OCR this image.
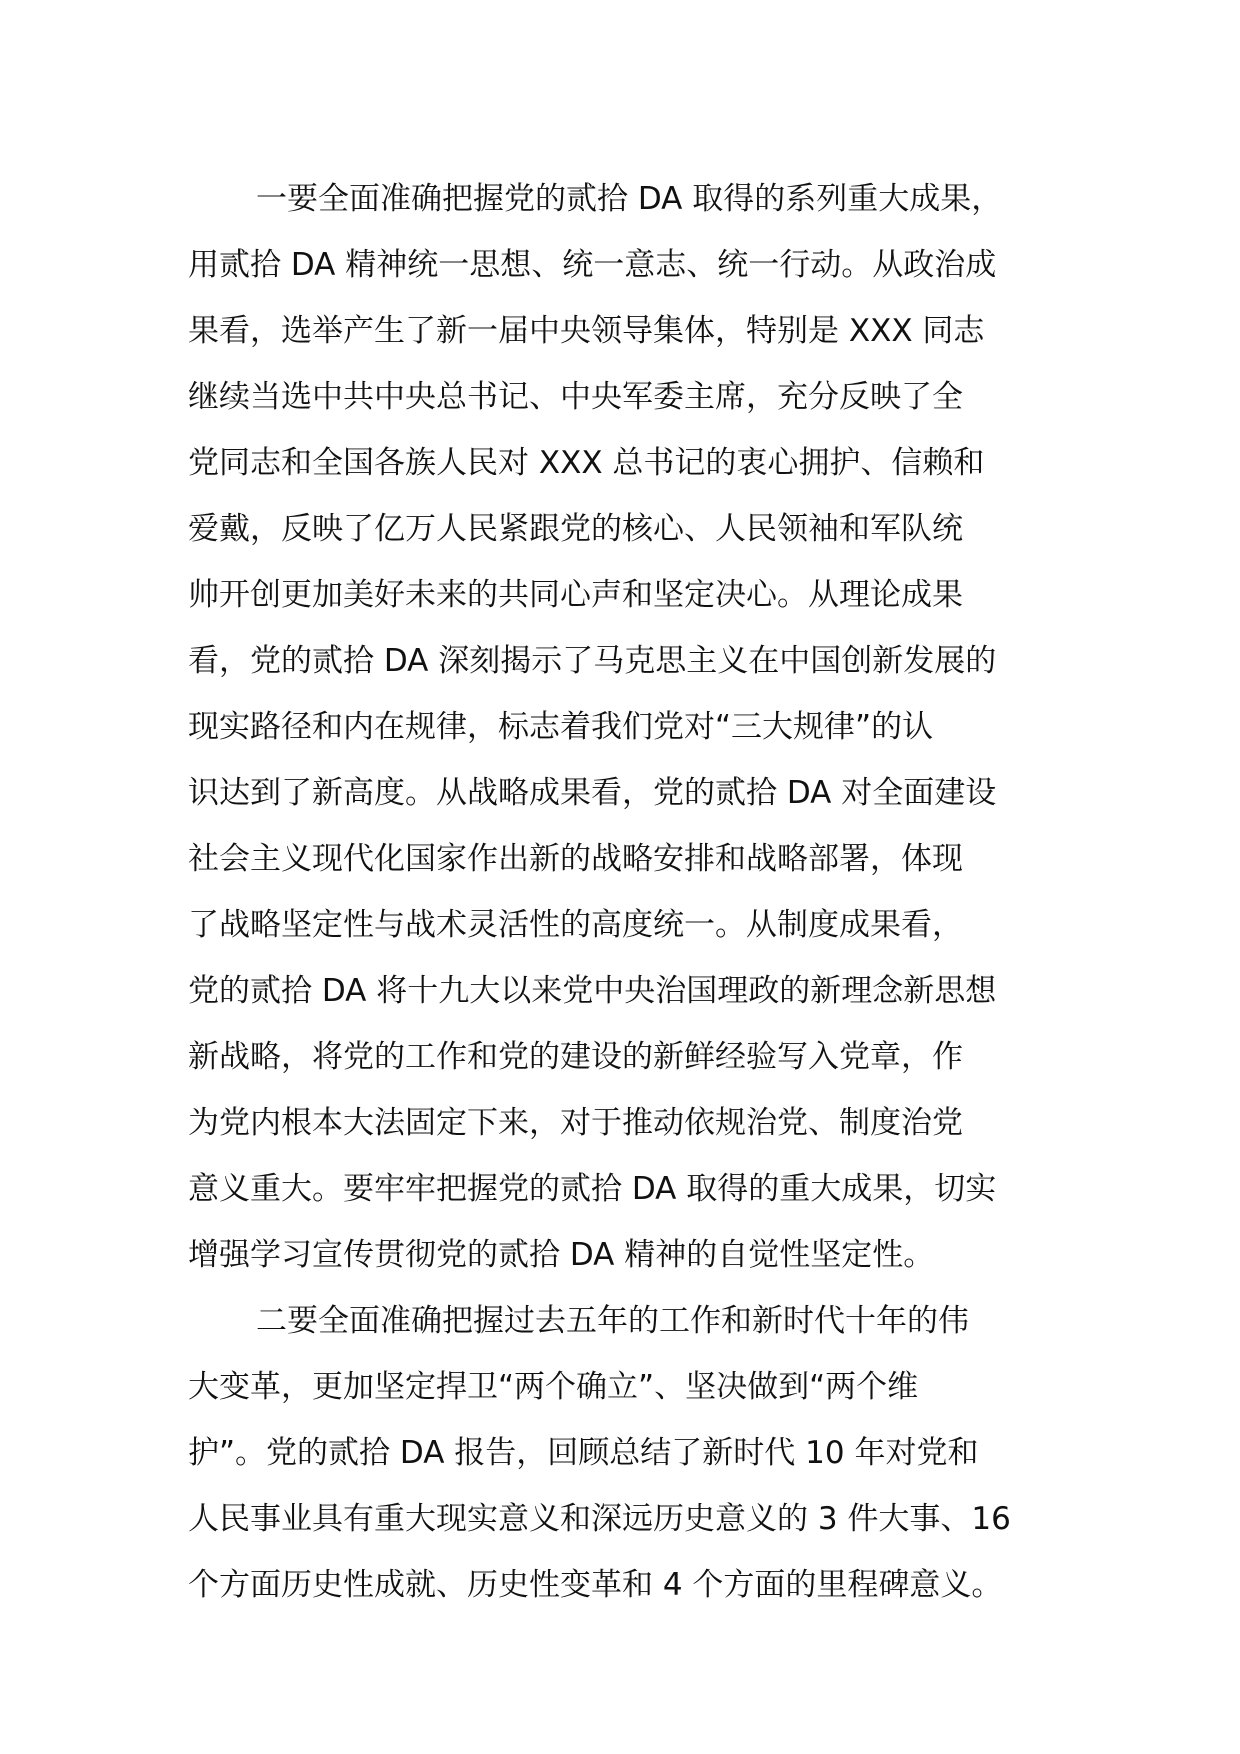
一要全面准确把握党的贰拾 DA 取得的系列重大成果，
用贰拾 DA 精神统一思想、统一意志、统一行动。从政治成
果看，选举产生了新一届中央领导集体，特别是 XXX 同志
继续当选中共中央总书记、中央军委主席，充分反映了全
党同志和全国各族人民对 XXX 总书记的衷心拥护、信赖和
爱戴，反映了亿万人民紧跟党的核心、人民领袖和军队统
帅开创更加美好未来的共同心声和坚定决心。从理论成果
看，党的贰拾 DA 深刻揭示了马克思主义在中国创新发展的
现实路径和内在规律，标志着我们党对“三大规律”的认
识达到了新高度。从战略成果看，党的贰拾 DA 对全面建设
社会主义现代化国家作出新的战略安排和战略部署，体现
了战略坚定性与战术灵活性的高度统一。从制度成果看，
党的贰拾 DA 将十九大以来党中央治国理政的新理念新思想
新战略，将党的工作和党的建设的新鲜经验写入党章，作
为党内根本大法固定下来，对于推动依规治党、制度治党
意义重大。要牢牢把握党的贰拾 DA 取得的重大成果，切实
增强学习宣传贯彻党的贰拾 DA 精神的自觉性坚定性。
二要全面准确把握过去五年的工作和新时代十年的伟
大变革，更加坚定捍卫“两个确立”、坚决做到“两个维
护”。党的贰拾 DA 报告，回顾总结了新时代 10 年对党和
人民事业具有重大现实意义和深远历史意义的 3 件大事、16
个方面历史性成就、历史性变革和 4 个方面的里程碑意义。
